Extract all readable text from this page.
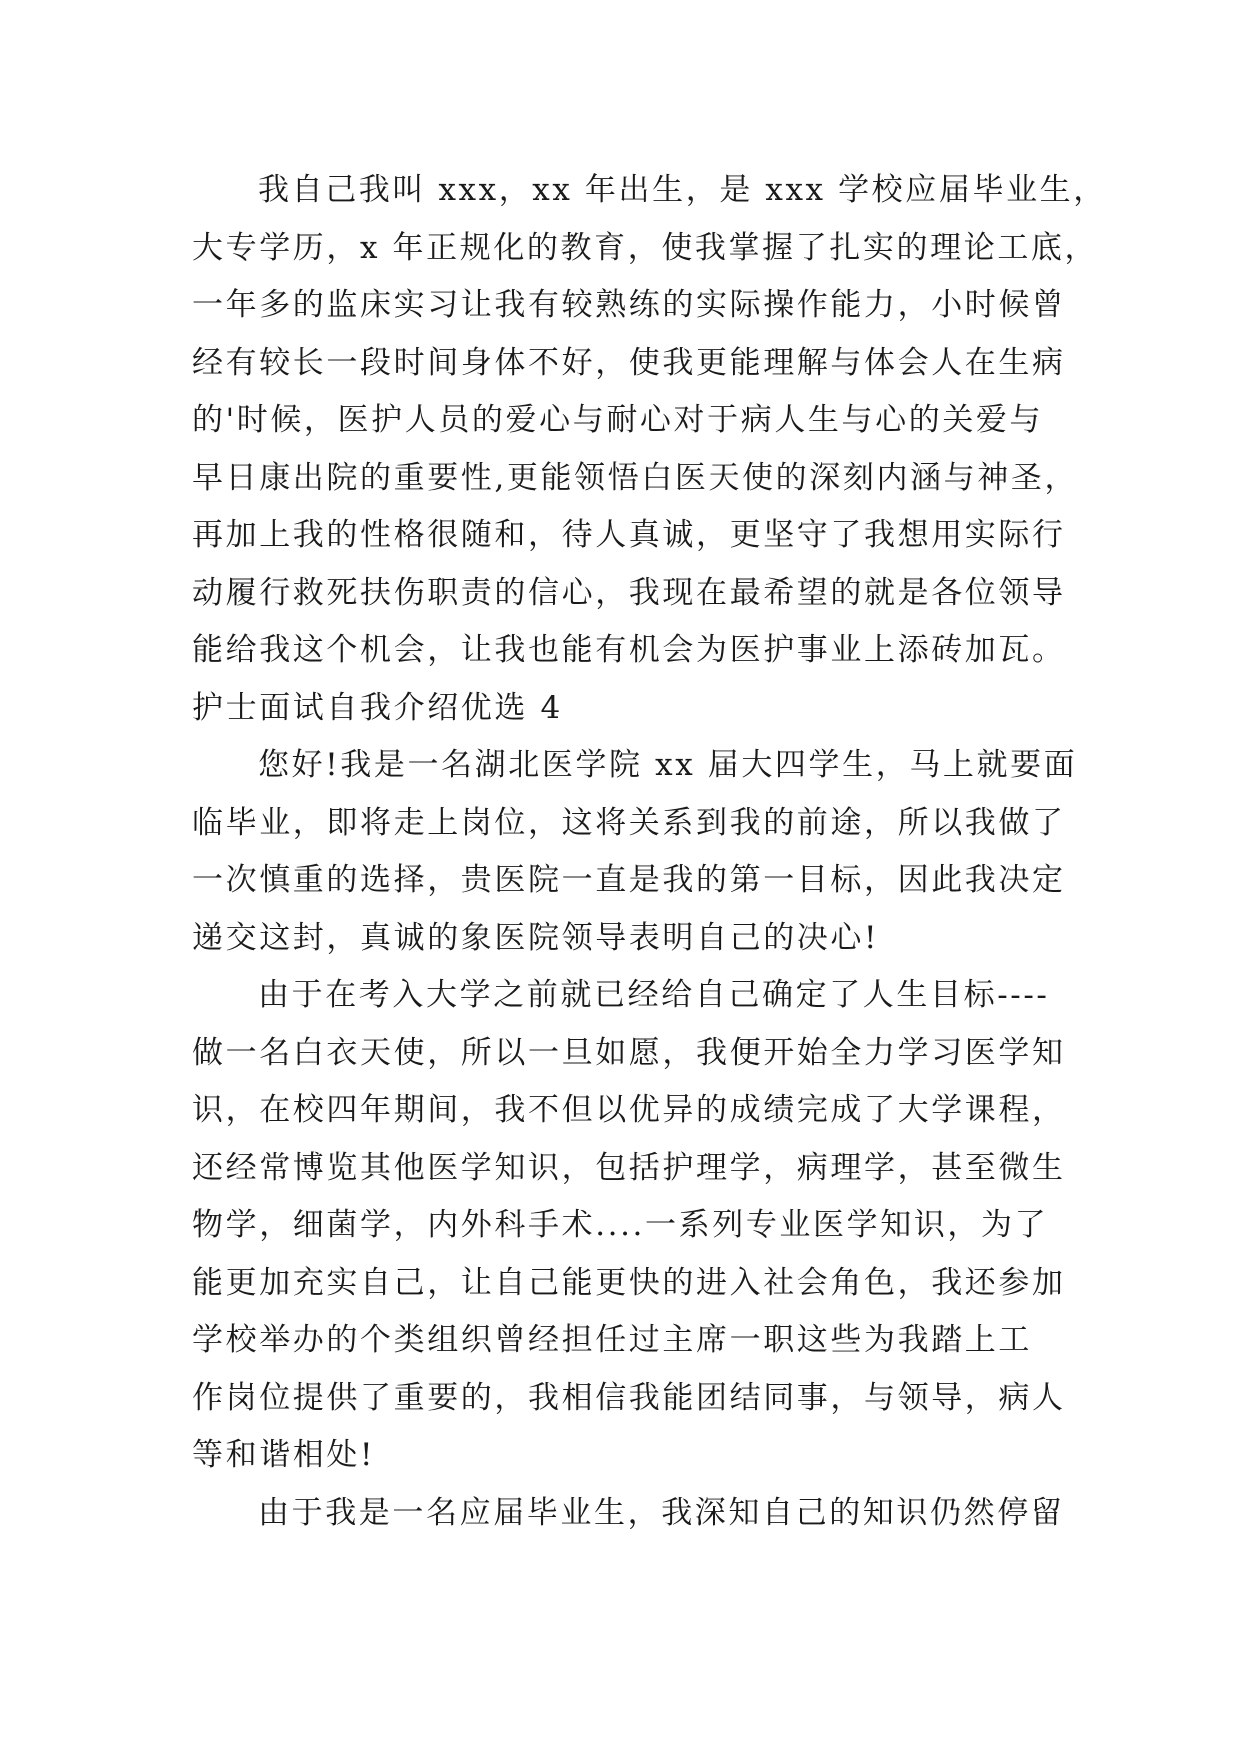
我自己我叫 xxx，xx 年出生，是 xxx 学校应届毕业生，
大专学历，x 年正规化的教育，使我掌握了扎实的理论工底，
一年多的监床实习让我有较熟练的实际操作能力，小时候曾
经有较长一段时间身体不好，使我更能理解与体会人在生病
的'时候，医护人员的爱心与耐心对于病人生与心的关爱与
早日康出院的重要性,更能领悟白医天使的深刻内涵与神圣，
再加上我的性格很随和，待人真诚，更坚守了我想用实际行
动履行救死扶伤职责的信心，我现在最希望的就是各位领导
能给我这个机会，让我也能有机会为医护事业上添砖加瓦。
护士面试自我介绍优选 4
您好!我是一名湖北医学院 xx 届大四学生，马上就要面
临毕业，即将走上岗位，这将关系到我的前途，所以我做了
一次慎重的选择，贵医院一直是我的第一目标，因此我决定
递交这封，真诚的象医院领导表明自己的决心!
由于在考入大学之前就已经给自己确定了人生目标----
做一名白衣天使，所以一旦如愿，我便开始全力学习医学知
识，在校四年期间，我不但以优异的成绩完成了大学课程，
还经常博览其他医学知识，包括护理学，病理学，甚至微生
物学，细菌学，内外科手术....一系列专业医学知识，为了
能更加充实自己，让自己能更快的进入社会角色，我还参加
学校举办的个类组织曾经担任过主席一职这些为我踏上工
作岗位提供了重要的，我相信我能团结同事，与领导，病人
等和谐相处!
由于我是一名应届毕业生，我深知自己的知识仍然停留
